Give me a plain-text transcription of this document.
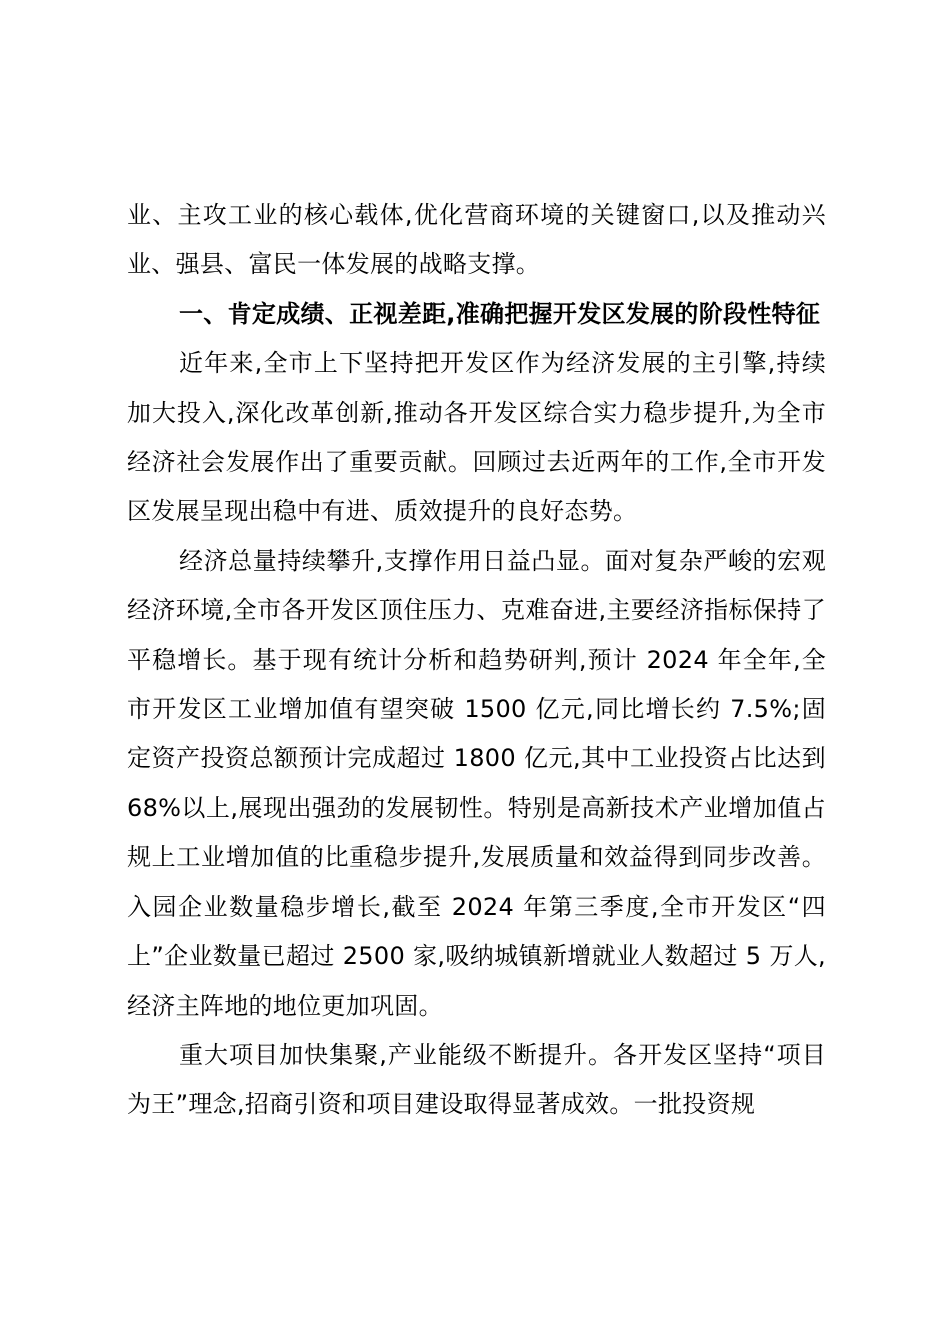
业、主攻工业的核心载体,优化营商环境的关键窗口,以及推动兴业、强县、富民一体发展的战略支撑。

一、肯定成绩、正视差距,准确把握开发区发展的阶段性特征

近年来,全市上下坚持把开发区作为经济发展的主引擎,持续加大投入,深化改革创新,推动各开发区综合实力稳步提升,为全市经济社会发展作出了重要贡献。回顾过去近两年的工作,全市开发区发展呈现出稳中有进、质效提升的良好态势。

经济总量持续攀升,支撑作用日益凸显。面对复杂严峻的宏观经济环境,全市各开发区顶住压力、克难奋进,主要经济指标保持了平稳增长。基于现有统计分析和趋势研判,预计 2024 年全年,全市开发区工业增加值有望突破 1500 亿元,同比增长约 7.5%;固定资产投资总额预计完成超过 1800 亿元,其中工业投资占比达到 68%以上,展现出强劲的发展韧性。特别是高新技术产业增加值占规上工业增加值的比重稳步提升,发展质量和效益得到同步改善。入园企业数量稳步增长,截至 2024 年第三季度,全市开发区“四上”企业数量已超过 2500 家,吸纳城镇新增就业人数超过 5 万人,经济主阵地的地位更加巩固。

重大项目加快集聚,产业能级不断提升。各开发区坚持“项目为王”理念,招商引资和项目建设取得显著成效。一批投资规
